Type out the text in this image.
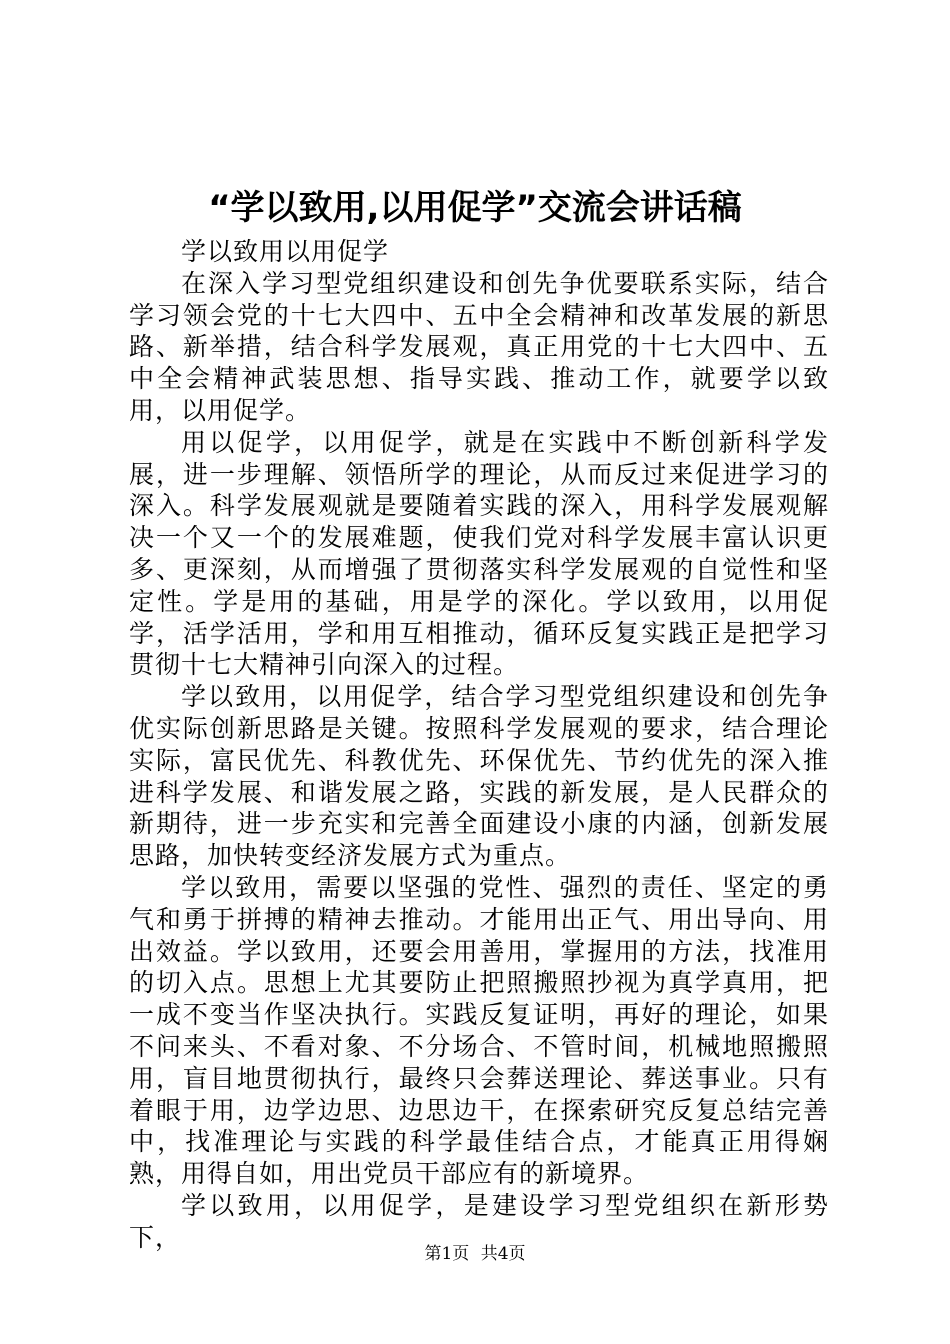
“学以致用,以用促学”交流会讲话稿

学以致用以用促学

在深入学习型党组织建设和创先争优要联系实际，结合学习领会党的十七大四中、五中全会精神和改革发展的新思路、新举措，结合科学发展观，真正用党的十七大四中、五中全会精神武装思想、指导实践、推动工作，就要学以致用，以用促学。

用以促学，以用促学，就是在实践中不断创新科学发展，进一步理解、领悟所学的理论，从而反过来促进学习的深入。科学发展观就是要随着实践的深入，用科学发展观解决一个又一个的发展难题，使我们党对科学发展丰富认识更多、更深刻，从而增强了贯彻落实科学发展观的自觉性和坚定性。学是用的基础，用是学的深化。学以致用，以用促学，活学活用，学和用互相推动，循环反复实践正是把学习贯彻十七大精神引向深入的过程。

学以致用，以用促学，结合学习型党组织建设和创先争优实际创新思路是关键。按照科学发展观的要求，结合理论实际，富民优先、科教优先、环保优先、节约优先的深入推进科学发展、和谐发展之路，实践的新发展，是人民群众的新期待，进一步充实和完善全面建设小康的内涵，创新发展思路，加快转变经济发展方式为重点。

学以致用，需要以坚强的党性、强烈的责任、坚定的勇气和勇于拼搏的精神去推动。才能用出正气、用出导向、用出效益。学以致用，还要会用善用，掌握用的方法，找准用的切入点。思想上尤其要防止把照搬照抄视为真学真用，把一成不变当作坚决执行。实践反复证明，再好的理论，如果不问来头、不看对象、不分场合、不管时间，机械地照搬照用，盲目地贯彻执行，最终只会葬送理论、葬送事业。只有着眼于用，边学边思、边思边干，在探索研究反复总结完善中，找准理论与实践的科学最佳结合点，才能真正用得娴熟，用得自如，用出党员干部应有的新境界。

学以致用，以用促学，是建设学习型党组织在新形势下，

第1页 共4页
